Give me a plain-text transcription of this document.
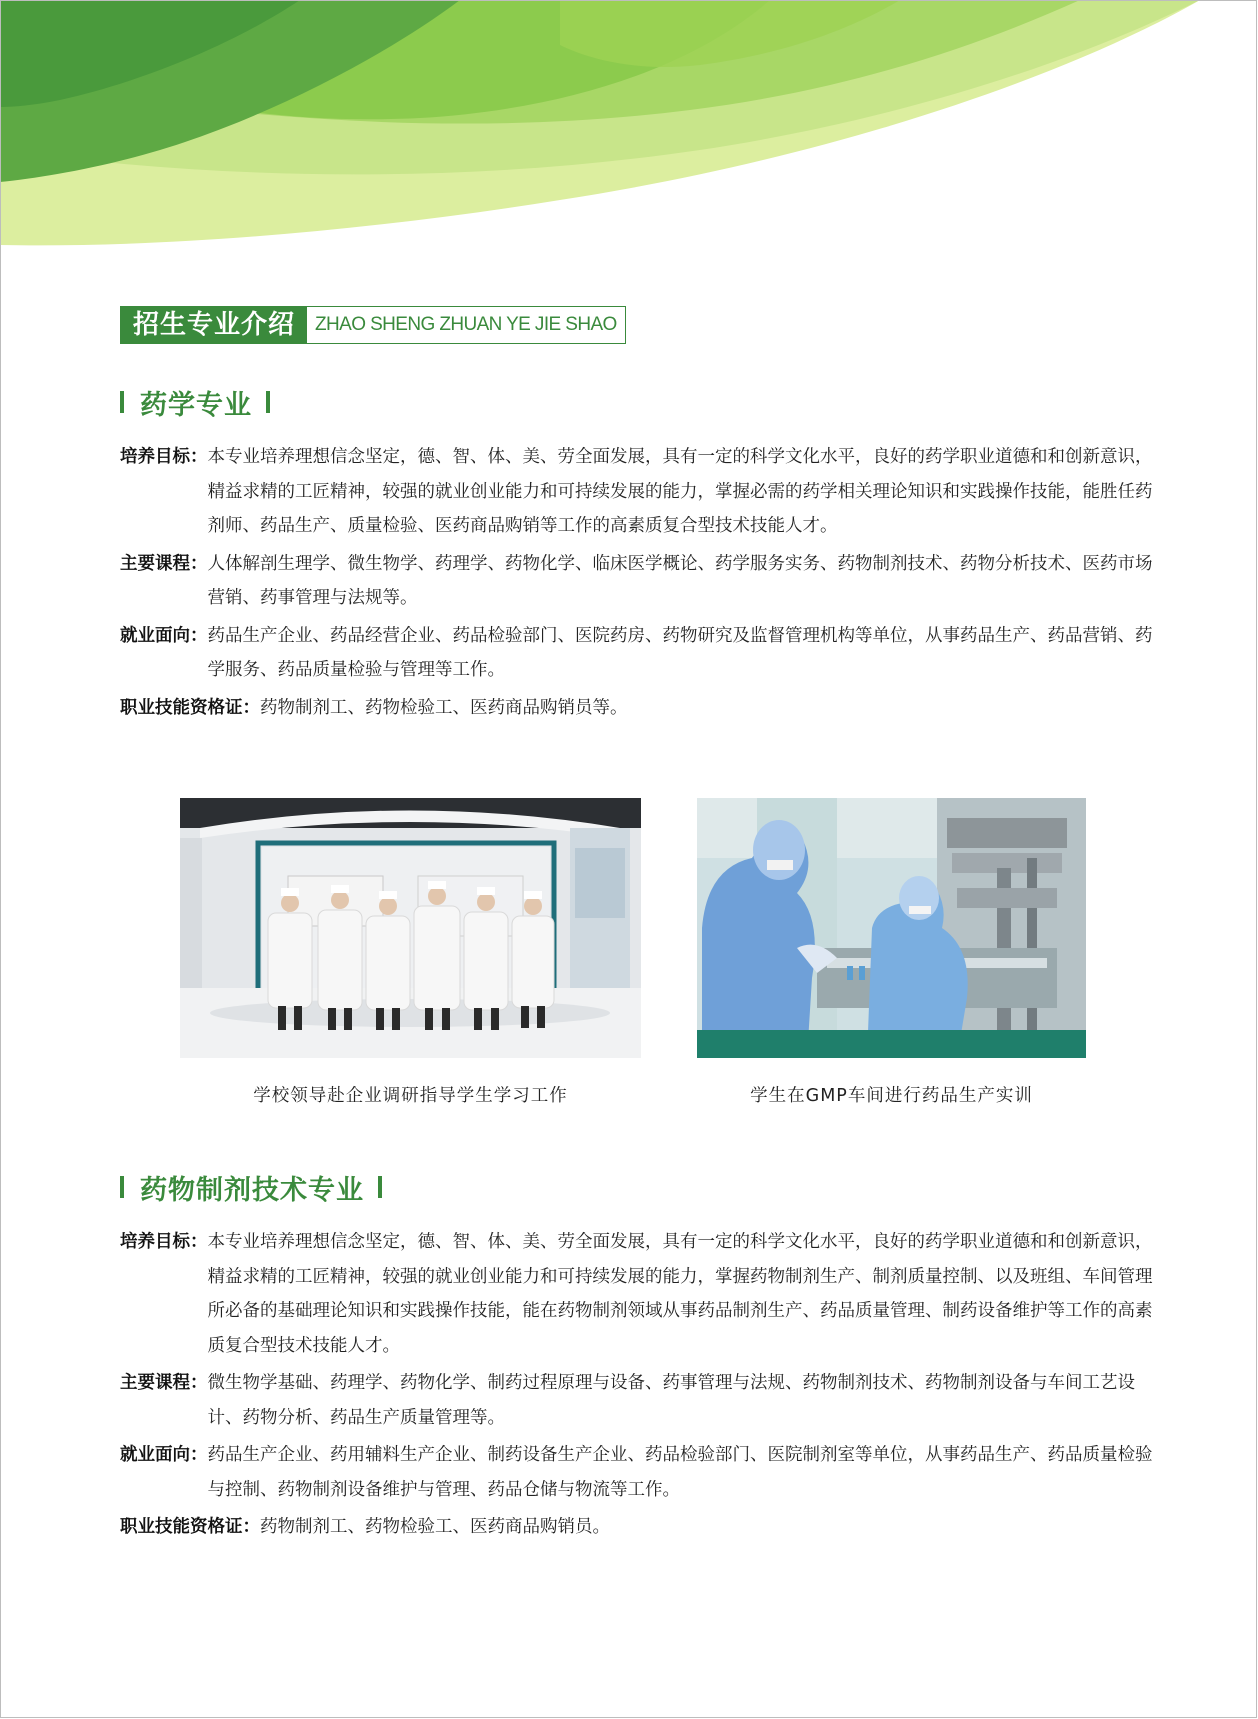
招生专业介绍	ZHAO SHENG ZHUAN YE JIE SHAO
药学专业
培养目标： 本专业培养理想信念坚定，德、智、体、美、劳全面发展，具有一定的科学文化水平，良好的药学职业道德和和创新意识，精益求精的工匠精神，较强的就业创业能力和可持续发展的能力，掌握必需的药学相关理论知识和实践操作技能，能胜任药剂师、药品生产、质量检验、医药商品购销等工作的高素质复合型技术技能人才。
主要课程： 人体解剖生理学、微生物学、药理学、药物化学、临床医学概论、药学服务实务、药物制剂技术、药物分析技术、医药市场营销、药事管理与法规等。
就业面向： 药品生产企业、药品经营企业、药品检验部门、医院药房、药物研究及监督管理机构等单位，从事药品生产、药品营销、药学服务、药品质量检验与管理等工作。
职业技能资格证： 药物制剂工、药物检验工、医药商品购销员等。
学校领导赴企业调研指导学生学习工作	学生在GMP车间进行药品生产实训
药物制剂技术专业
培养目标： 本专业培养理想信念坚定，德、智、体、美、劳全面发展，具有一定的科学文化水平，良好的药学职业道德和和创新意识，精益求精的工匠精神，较强的就业创业能力和可持续发展的能力，掌握药物制剂生产、制剂质量控制、以及班组、车间管理所必备的基础理论知识和实践操作技能，能在药物制剂领域从事药品制剂生产、药品质量管理、制药设备维护等工作的高素质复合型技术技能人才。
主要课程： 微生物学基础、药理学、药物化学、制药过程原理与设备、药事管理与法规、药物制剂技术、药物制剂设备与车间工艺设计、药物分析、药品生产质量管理等。
就业面向： 药品生产企业、药用辅料生产企业、制药设备生产企业、药品检验部门、医院制剂室等单位，从事药品生产、药品质量检验与控制、药物制剂设备维护与管理、药品仓储与物流等工作。
职业技能资格证： 药物制剂工、药物检验工、医药商品购销员。
